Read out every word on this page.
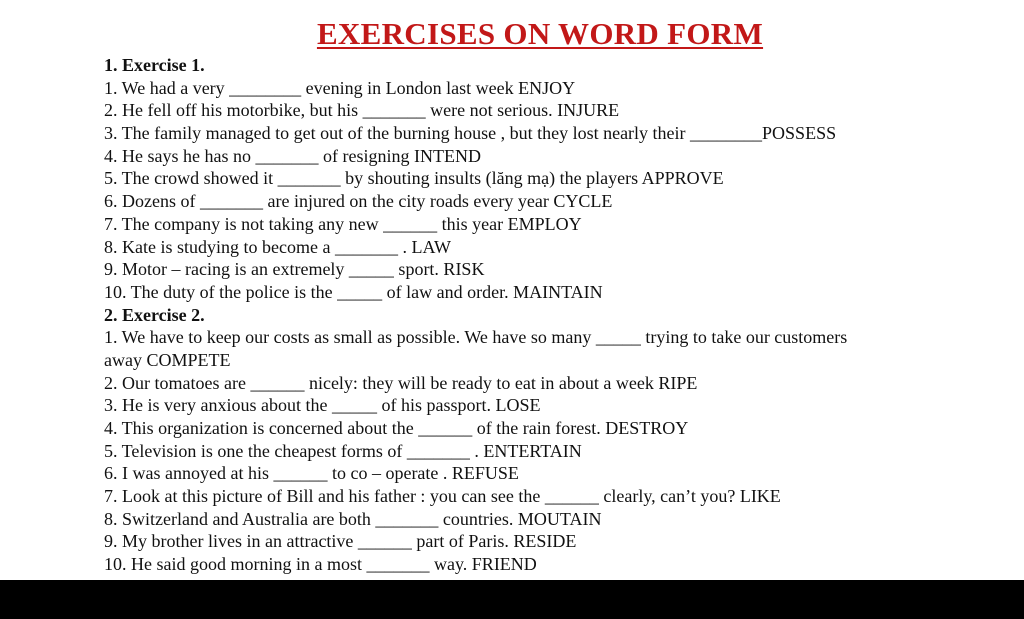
EXERCISES ON WORD FORM
1. Exercise 1.
1. We had a very ________ evening in London last week ENJOY
2. He fell off his motorbike, but his _______ were not serious. INJURE
3. The family managed to get out of the burning house , but they lost nearly their ________POSSESS
4. He says he has no _______ of resigning INTEND
5. The crowd showed it _______ by shouting insults (lăng mạ) the players APPROVE
6. Dozens of _______ are injured on the city roads every year CYCLE
7. The company is not taking any new ______ this year EMPLOY
8. Kate is studying to become a _______ . LAW
9. Motor – racing is an extremely _____ sport. RISK
10. The duty of the police is the _____ of law and order. MAINTAIN
2. Exercise 2.
1. We have to keep our costs as small as possible. We have so many _____ trying to take our customers
away COMPETE
2. Our tomatoes are ______ nicely: they will be ready to eat in about a week RIPE
3. He is very anxious about the _____ of his passport. LOSE
4. This organization is concerned about the ______ of the rain forest. DESTROY
5. Television is one the cheapest forms of _______ . ENTERTAIN
6. I was annoyed at his ______ to co – operate . REFUSE
7. Look at this picture of Bill and his father : you can see the ______ clearly, can’t you? LIKE
8. Switzerland and Australia are both _______ countries. MOUTAIN
9. My brother lives in an attractive ______ part of Paris. RESIDE
10. He said good morning in a most _______ way. FRIEND
